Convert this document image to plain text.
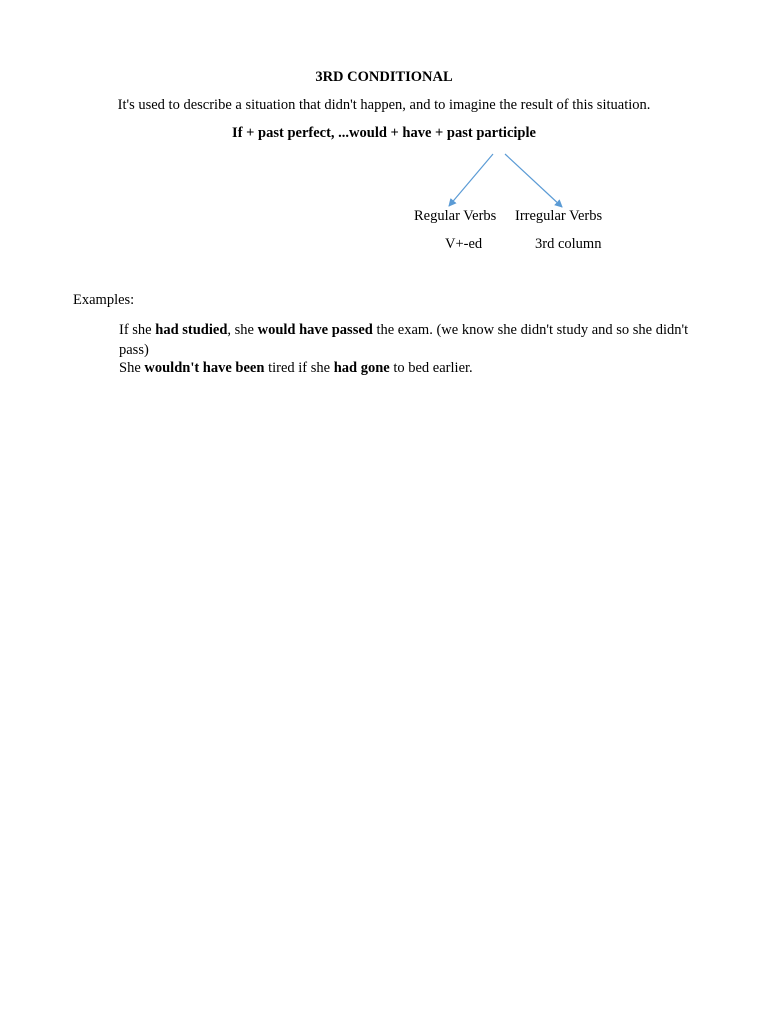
3RD CONDITIONAL
It's used to describe a situation that didn't happen, and to imagine the result of this situation.
If + past perfect, ...would + have + past participle
Regular Verbs Irregular Verbs
V+-ed	3rd column
Examples:
If she had studied, she would have passed the exam. (we know she didn't study and so she didn't pass)
She wouldn't have been tired if she had gone to bed earlier.
